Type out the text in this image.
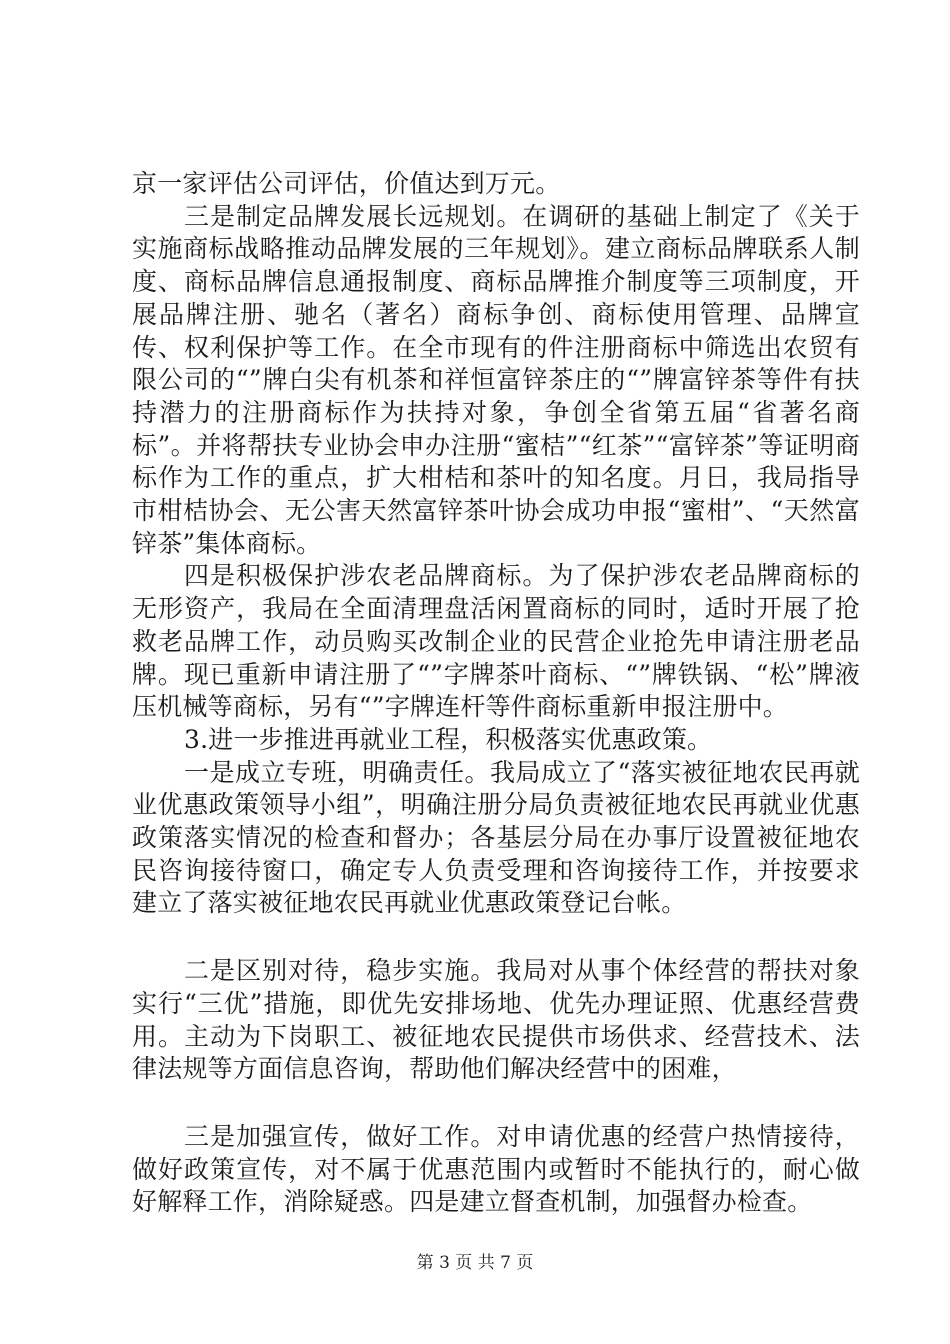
京一家评估公司评估，价值达到万元。

三是制定品牌发展长远规划。在调研的基础上制定了《关于实施商标战略推动品牌发展的三年规划》。建立商标品牌联系人制度、商标品牌信息通报制度、商标品牌推介制度等三项制度，开展品牌注册、驰名（著名）商标争创、商标使用管理、品牌宣传、权利保护等工作。在全市现有的件注册商标中筛选出农贸有限公司的“”牌白尖有机茶和祥恒富锌茶庄的“”牌富锌茶等件有扶持潜力的注册商标作为扶持对象，争创全省第五届“省著名商标”。并将帮扶专业协会申办注册“蜜桔”“红茶”“富锌茶”等证明商标作为工作的重点，扩大柑桔和茶叶的知名度。月日，我局指导市柑桔协会、无公害天然富锌茶叶协会成功申报“蜜柑”、“天然富锌茶”集体商标。

四是积极保护涉农老品牌商标。为了保护涉农老品牌商标的无形资产，我局在全面清理盘活闲置商标的同时，适时开展了抢救老品牌工作，动员购买改制企业的民营企业抢先申请注册老品牌。现已重新申请注册了“”字牌茶叶商标、“”牌铁锅、“松”牌液压机械等商标，另有“”字牌连杆等件商标重新申报注册中。

3.进一步推进再就业工程，积极落实优惠政策。

一是成立专班，明确责任。我局成立了“落实被征地农民再就业优惠政策领导小组”，明确注册分局负责被征地农民再就业优惠政策落实情况的检查和督办；各基层分局在办事厅设置被征地农民咨询接待窗口，确定专人负责受理和咨询接待工作，并按要求建立了落实被征地农民再就业优惠政策登记台帐。

二是区别对待，稳步实施。我局对从事个体经营的帮扶对象实行“三优”措施，即优先安排场地、优先办理证照、优惠经营费用。主动为下岗职工、被征地农民提供市场供求、经营技术、法律法规等方面信息咨询，帮助他们解决经营中的困难，

三是加强宣传，做好工作。对申请优惠的经营户热情接待，做好政策宣传，对不属于优惠范围内或暂时不能执行的，耐心做好解释工作，消除疑惑。四是建立督查机制，加强督办检查。

第 3 页 共 7 页
